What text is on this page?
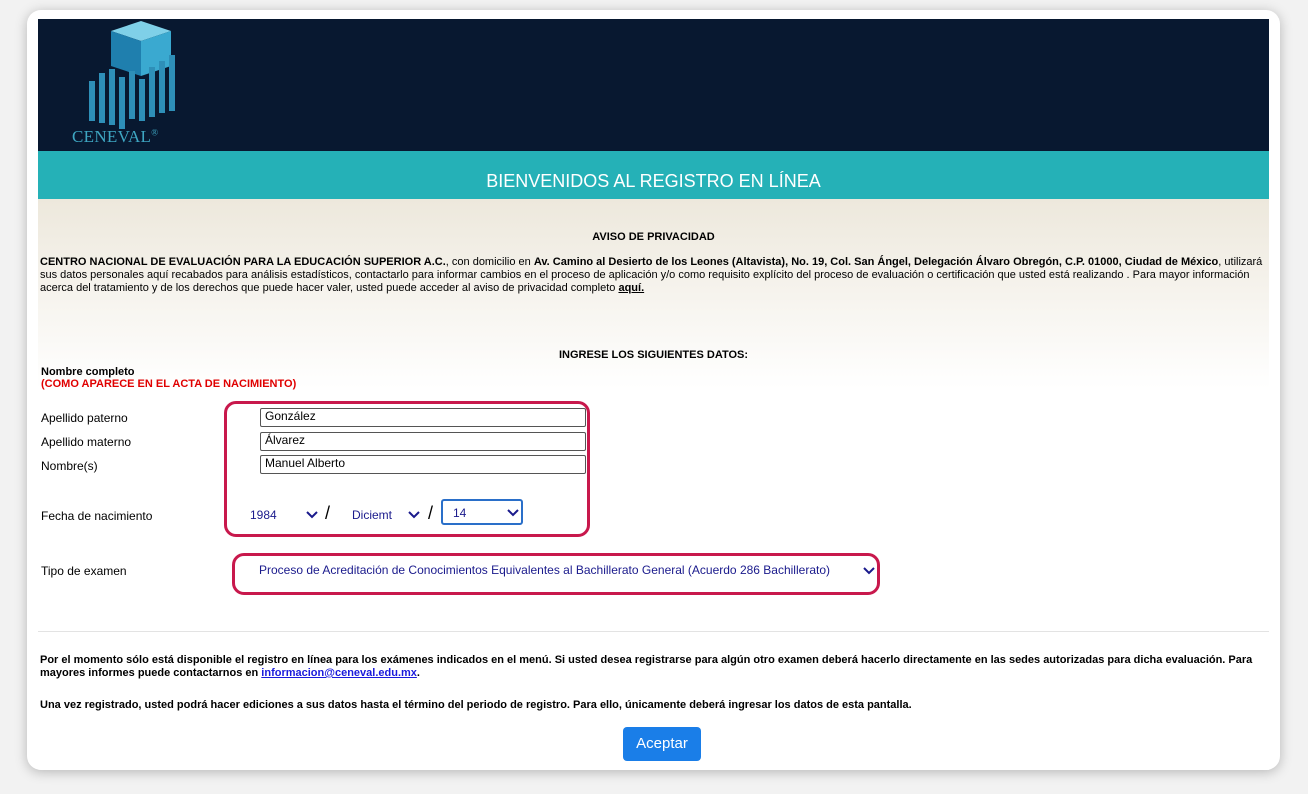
CENEVAL®
BIENVENIDOS AL REGISTRO EN LÍNEA
AVISO DE PRIVACIDAD
CENTRO NACIONAL DE EVALUACIÓN PARA LA EDUCACIÓN SUPERIOR A.C., con domicilio en Av. Camino al Desierto de los Leones (Altavista), No. 19, Col. San Ángel, Delegación Álvaro Obregón, C.P. 01000, Ciudad de México, utilizará sus datos personales aquí recabados para análisis estadísticos, contactarlo para informar cambios en el proceso de aplicación y/o como requisito explícito del proceso de evaluación o certificación que usted está realizando . Para mayor información acerca del tratamiento y de los derechos que puede hacer valer, usted puede acceder al aviso de privacidad completo aquí.
INGRESE LOS SIGUIENTES DATOS:
Nombre completo
(COMO APARECE EN EL ACTA DE NACIMIENTO)
Apellido paterno	González
Apellido materno	Álvarez
Nombre(s)	Manuel Alberto
Fecha de nacimiento	1984	/ Diciemt / 14
Tipo de examen	Proceso de Acreditación de Conocimientos Equivalentes al Bachillerato General (Acuerdo 286 Bachillerato)
Por el momento sólo está disponible el registro en línea para los exámenes indicados en el menú. Si usted desea registrarse para algún otro examen deberá hacerlo directamente en las sedes autorizadas para dicha evaluación. Para mayores informes puede contactarnos en informacion@ceneval.edu.mx.
Una vez registrado, usted podrá hacer ediciones a sus datos hasta el término del periodo de registro. Para ello, únicamente deberá ingresar los datos de esta pantalla.
Aceptar
